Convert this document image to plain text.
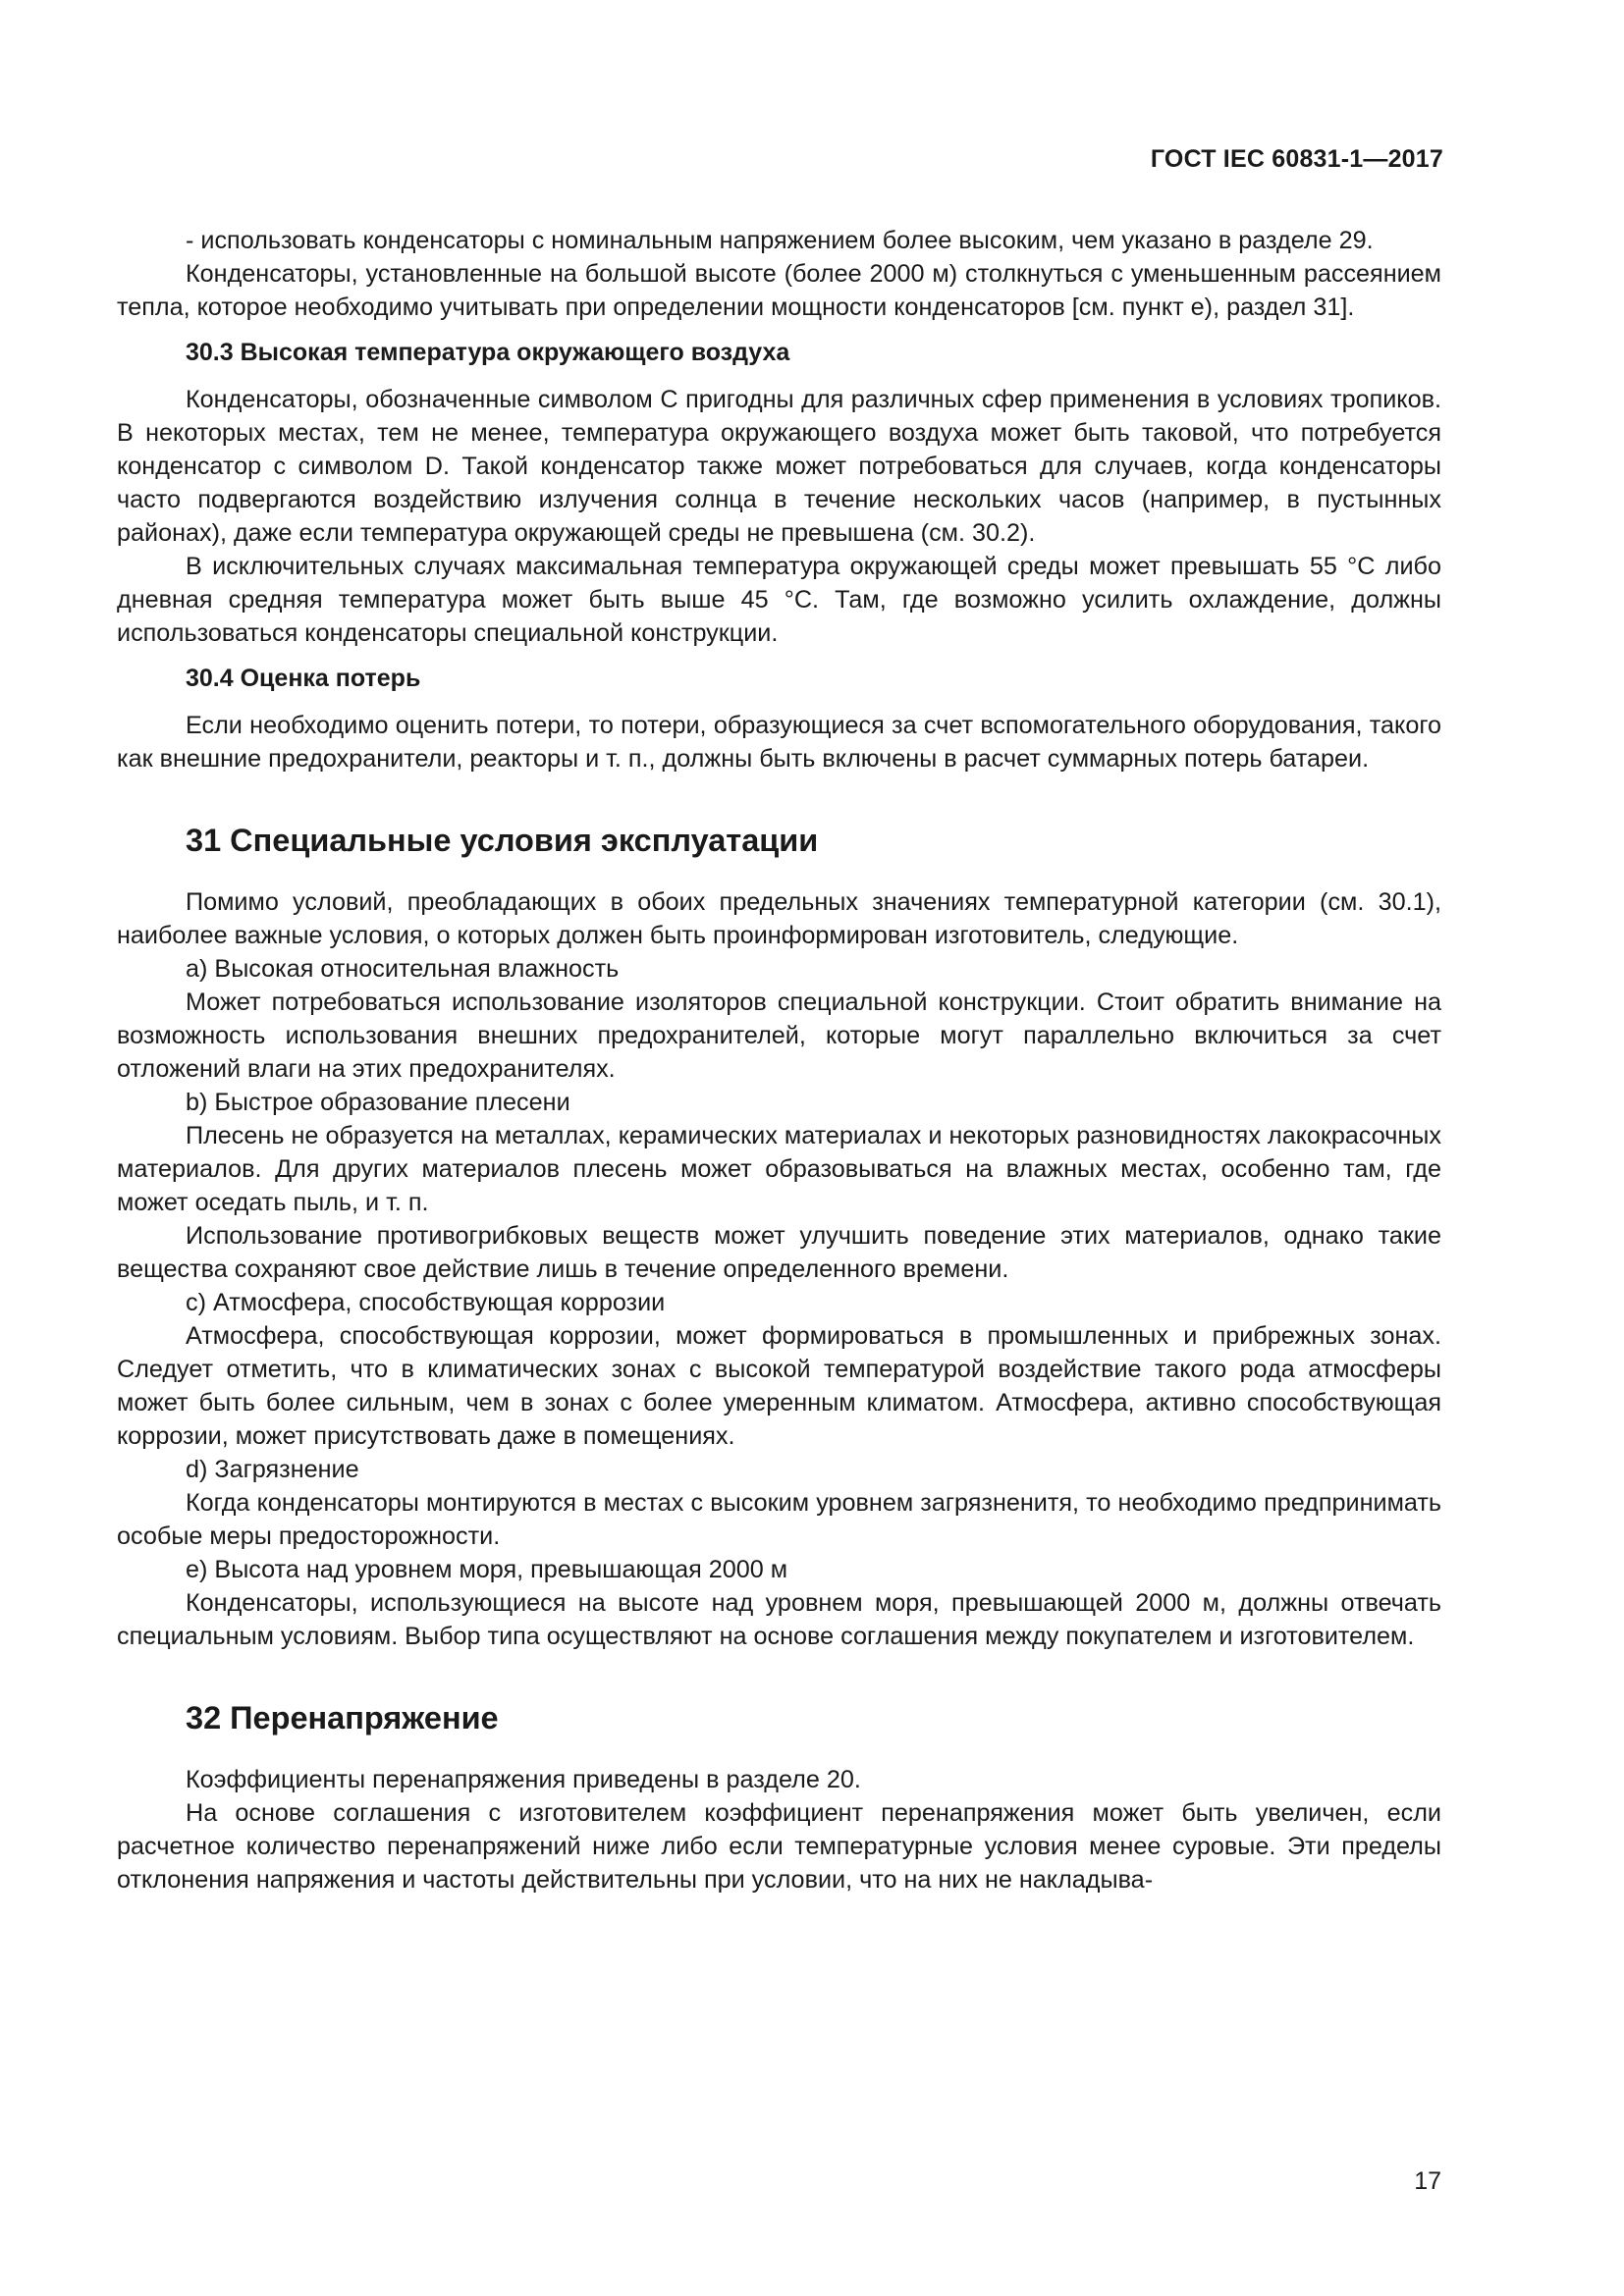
ГОСТ IEC 60831-1—2017

- использовать конденсаторы с номинальным напряжением более высоким, чем указано в разделе 29.

Конденсаторы, установленные на большой высоте (более 2000 м) столкнуться с уменьшенным рассеянием тепла, которое необходимо учитывать при определении мощности конденсаторов [см. пункт е), раздел 31].

30.3 Высокая температура окружающего воздуха

Конденсаторы, обозначенные символом С пригодны для различных сфер применения в условиях тропиков. В некоторых местах, тем не менее, температура окружающего воздуха может быть таковой, что потребуется конденсатор с символом D. Такой конденсатор также может потребоваться для случаев, когда конденсаторы часто подвергаются воздействию излучения солнца в течение нескольких часов (например, в пустынных районах), даже если температура окружающей среды не превышена (см. 30.2).

В исключительных случаях максимальная температура окружающей среды может превышать 55 °С либо дневная средняя температура может быть выше 45 °С. Там, где возможно усилить охлаждение, должны использоваться конденсаторы специальной конструкции.

30.4 Оценка потерь

Если необходимо оценить потери, то потери, образующиеся за счет вспомогательного оборудования, такого как внешние предохранители, реакторы и т. п., должны быть включены в расчет суммарных потерь батареи.

31 Специальные условия эксплуатации

Помимо условий, преобладающих в обоих предельных значениях температурной категории (см. 30.1), наиболее важные условия, о которых должен быть проинформирован изготовитель, следующие.

а) Высокая относительная влажность

Может потребоваться использование изоляторов специальной конструкции. Стоит обратить внимание на возможность использования внешних предохранителей, которые могут параллельно включиться за счет отложений влаги на этих предохранителях.

b) Быстрое образование плесени

Плесень не образуется на металлах, керамических материалах и некоторых разновидностях лакокрасочных материалов. Для других материалов плесень может образовываться на влажных местах, особенно там, где может оседать пыль, и т. п.

Использование противогрибковых веществ может улучшить поведение этих материалов, однако такие вещества сохраняют свое действие лишь в течение определенного времени.

с) Атмосфера, способствующая коррозии

Атмосфера, способствующая коррозии, может формироваться в промышленных и прибрежных зонах. Следует отметить, что в климатических зонах с высокой температурой воздействие такого рода атмосферы может быть более сильным, чем в зонах с более умеренным климатом. Атмосфера, активно способствующая коррозии, может присутствовать даже в помещениях.

d) Загрязнение

Когда конденсаторы монтируются в местах с высоким уровнем загрязненитя, то необходимо предпринимать особые меры предосторожности.

е) Высота над уровнем моря, превышающая 2000 м

Конденсаторы, использующиеся на высоте над уровнем моря, превышающей 2000 м, должны отвечать специальным условиям. Выбор типа осуществляют на основе соглашения между покупателем и изготовителем.

32 Перенапряжение

Коэффициенты перенапряжения приведены в разделе 20.

На основе соглашения с изготовителем коэффициент перенапряжения может быть увеличен, если расчетное количество перенапряжений ниже либо если температурные условия менее суровые. Эти пределы отклонения напряжения и частоты действительны при условии, что на них не накладыва-

17
